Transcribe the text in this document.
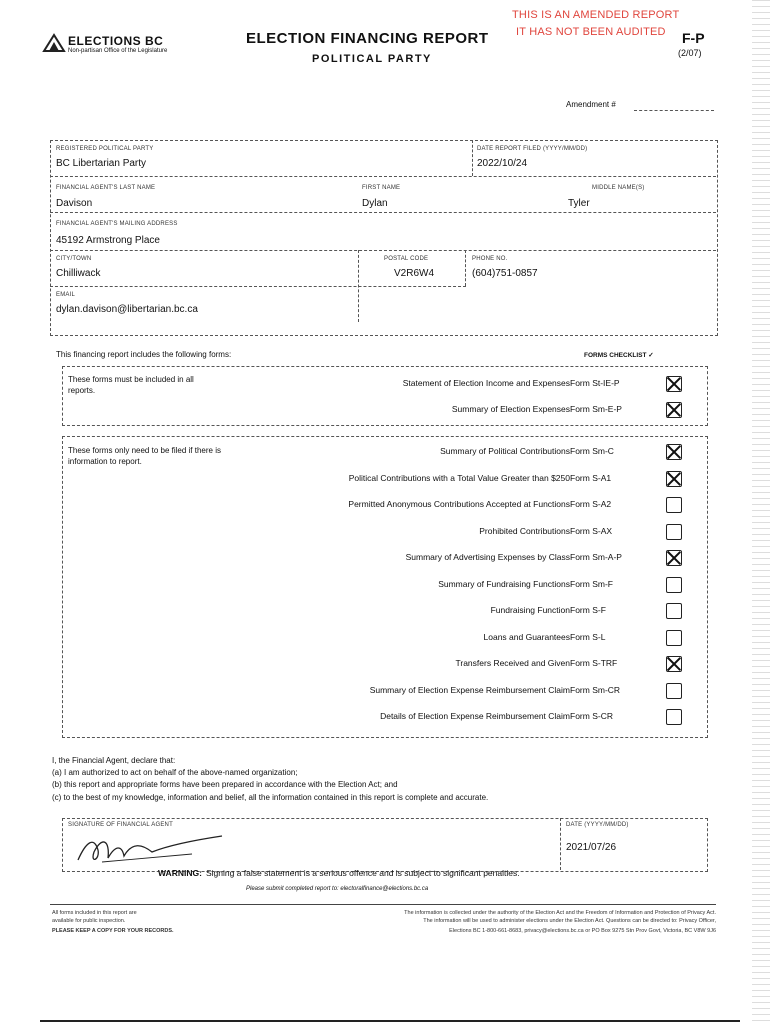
THIS IS AN AMENDED REPORT
IT HAS NOT BEEN AUDITED
ELECTIONS BC
Non-partisan Office of the Legislature
ELECTION FINANCING REPORT
POLITICAL PARTY
F-P
(2/07)
Amendment #
REGISTERED POLITICAL PARTY
BC Libertarian Party
DATE REPORT FILED (YYYY/MM/DD)
2022/10/24
FINANCIAL AGENT'S LAST NAME
Davison
FIRST NAME
Dylan
MIDDLE NAME(S)
Tyler
FINANCIAL AGENT'S MAILING ADDRESS
45192 Armstrong Place
CITY/TOWN
Chilliwack
POSTAL CODE
V2R6W4
PHONE NO.
(604)751-0857
EMAIL
dylan.davison@libertarian.bc.ca
This financing report includes the following forms:	FORMS CHECKLIST ✓
These forms must be included in all reports.
Statement of Election Income and Expenses Form St-IE-P
Summary of Election Expenses Form Sm-E-P
These forms only need to be filed if there is information to report.
Summary of Political Contributions Form Sm-C
Political Contributions with a Total Value Greater than $250 Form S-A1
Permitted Anonymous Contributions Accepted at Functions Form S-A2
Prohibited Contributions Form S-AX
Summary of Advertising Expenses by Class Form Sm-A-P
Summary of Fundraising Functions Form Sm-F
Fundraising Function Form S-F
Loans and Guarantees Form S-L
Transfers Received and Given Form S-TRF
Summary of Election Expense Reimbursement Claim Form Sm-CR
Details of Election Expense Reimbursement Claim Form S-CR
I, the Financial Agent, declare that:
(a) I am authorized to act on behalf of the above-named organization;
(b) this report and appropriate forms have been prepared in accordance with the Election Act; and
(c) to the best of my knowledge, information and belief, all the information contained in this report is complete and accurate.
SIGNATURE OF FINANCIAL AGENT	DATE (YYYY/MM/DD)
2021/07/26
WARNING: Signing a false statement is a serious offence and is subject to significant penalties.
Please submit completed report to: electoralfinance@elections.bc.ca
All forms included in this report are
available for public inspection.
PLEASE KEEP A COPY FOR YOUR RECORDS.
The information is collected under the authority of the Election Act and the Freedom of Information and Protection of Privacy Act.
The information will be used to administer elections under the Election Act. Questions can be directed to: Privacy Officer,
Elections BC 1-800-661-8683, privacy@elections.bc.ca or PO Box 9275 Stn Prov Govt, Victoria, BC V8W 9J6
